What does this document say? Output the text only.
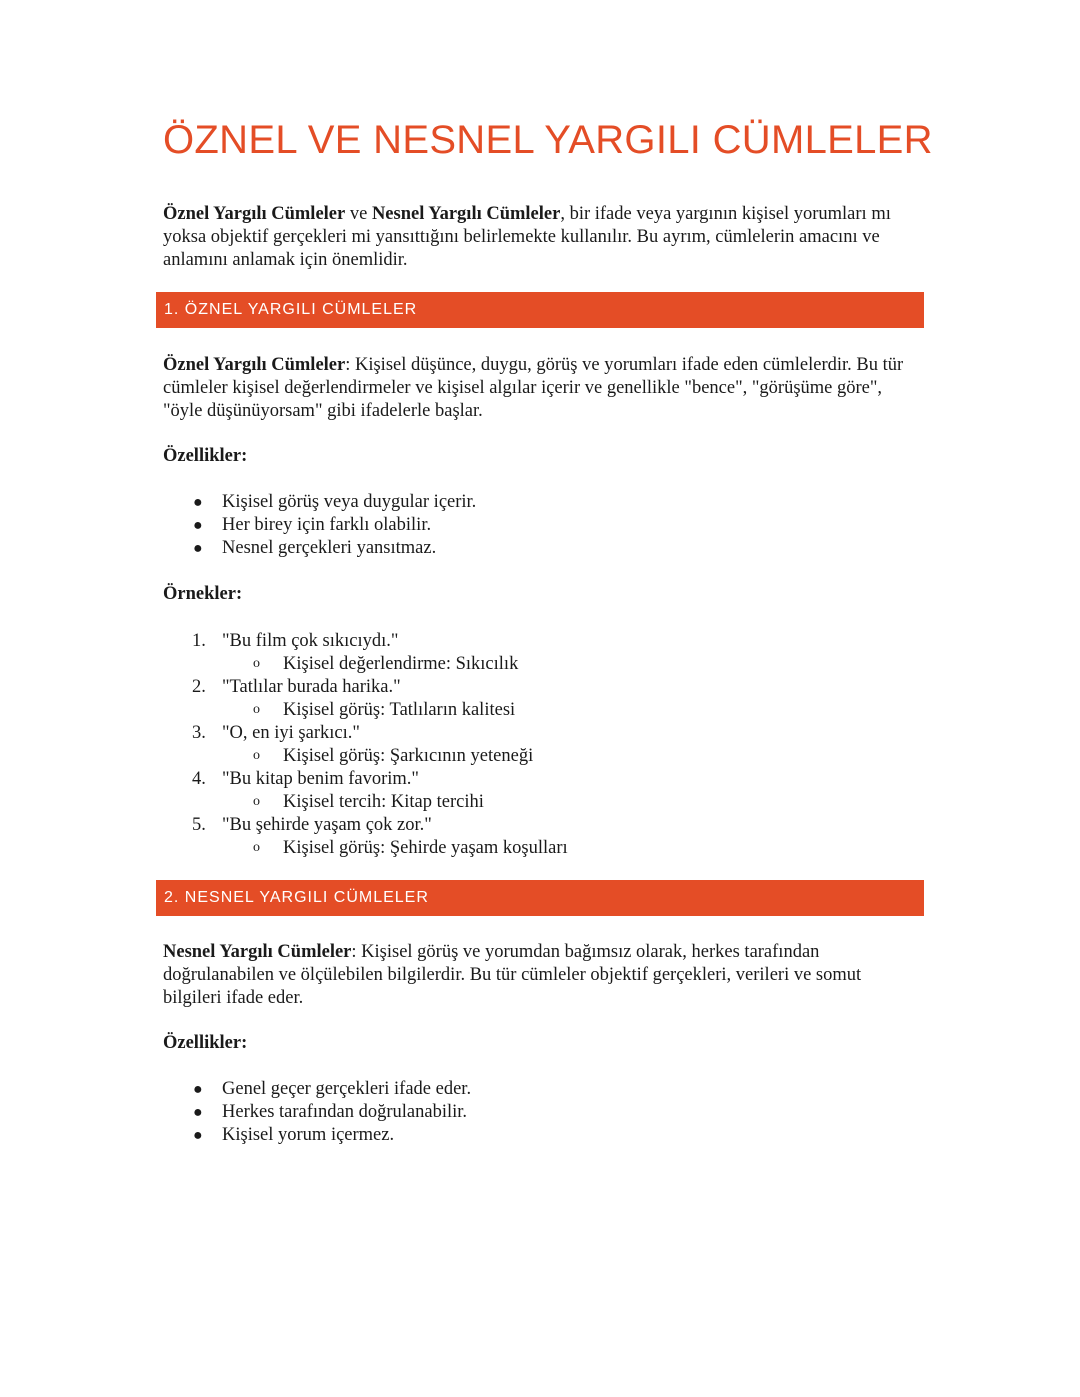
ÖZNEL VE NESNEL YARGILI CÜMLELER

Öznel Yargılı Cümleler ve Nesnel Yargılı Cümleler, bir ifade veya yargının kişisel yorumları mı yoksa objektif gerçekleri mi yansıttığını belirlemekte kullanılır. Bu ayrım, cümlelerin amacını ve anlamını anlamak için önemlidir.

1. ÖZNEL YARGILI CÜMLELER

Öznel Yargılı Cümleler: Kişisel düşünce, duygu, görüş ve yorumları ifade eden cümlelerdir. Bu tür cümleler kişisel değerlendirmeler ve kişisel algılar içerir ve genellikle "bence", "görüşüme göre", "öyle düşünüyorsam" gibi ifadelerle başlar.

Özellikler:

● Kişisel görüş veya duygular içerir.
● Her birey için farklı olabilir.
● Nesnel gerçekleri yansıtmaz.

Örnekler:

1. "Bu film çok sıkıcıydı."
o Kişisel değerlendirme: Sıkıcılık
2. "Tatlılar burada harika."
o Kişisel görüş: Tatlıların kalitesi
3. "O, en iyi şarkıcı."
o Kişisel görüş: Şarkıcının yeteneği
4. "Bu kitap benim favorim."
o Kişisel tercih: Kitap tercihi
5. "Bu şehirde yaşam çok zor."
o Kişisel görüş: Şehirde yaşam koşulları
2. NESNEL YARGILI CÜMLELER

Nesnel Yargılı Cümleler: Kişisel görüş ve yorumdan bağımsız olarak, herkes tarafından doğrulanabilen ve ölçülebilen bilgilerdir. Bu tür cümleler objektif gerçekleri, verileri ve somut bilgileri ifade eder.

Özellikler:

● Genel geçer gerçekleri ifade eder.
● Herkes tarafından doğrulanabilir.
● Kişisel yorum içermez.
